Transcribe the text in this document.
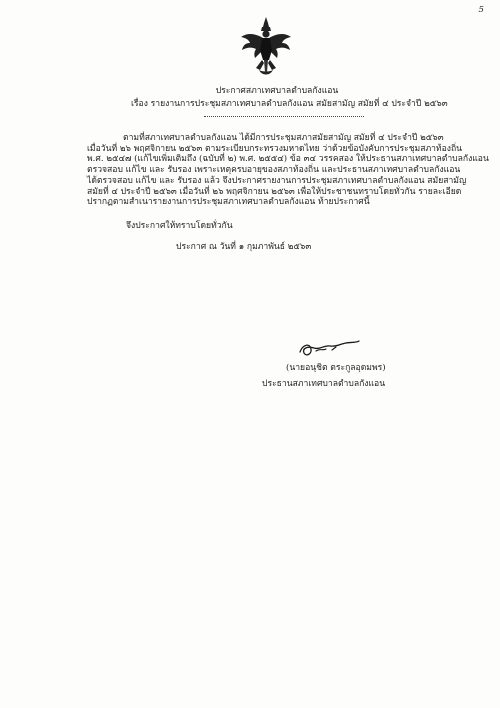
5
ประกาศสภาเทศบาลตำบลกังแอน
เรื่อง รายงานการประชุมสภาเทศบาลตำบลกังแอน สมัยสามัญ สมัยที่ ๔ ประจำปี ๒๕๖๓
ตามที่สภาเทศบาลตำบลกังแอน ได้มีการประชุมสภาสมัยสามัญ สมัยที่ ๔ ประจำปี ๒๕๖๓
เมื่อวันที่ ๒๖ พฤศจิกายน ๒๕๖๓ ตามระเบียบกระทรวงมหาดไทย ว่าด้วยข้อบังคับการประชุมสภาท้องถิ่น
พ.ศ. ๒๕๔๗ (แก้ไขเพิ่มเติมถึง (ฉบับที่ ๒) พ.ศ. ๒๕๕๔) ข้อ ๓๔ วรรคสอง ให้ประธานสภาเทศบาลตำบลกังแอน
ตรวจสอบ แก้ไข และ รับรอง เพราะเหตุครบอายุของสภาท้องถิ่น และประธานสภาเทศบาลตำบลกังแอน
ได้ตรวจสอบ แก้ไข และ รับรอง แล้ว จึงประกาศรายงานการประชุมสภาเทศบาลตำบลกังแอน สมัยสามัญ
สมัยที่ ๔ ประจำปี ๒๕๖๓ เมื่อวันที่ ๒๖ พฤศจิกายน ๒๕๖๓ เพื่อให้ประชาชนทราบโดยทั่วกัน รายละเอียด
ปรากฏตามสำเนารายงานการประชุมสภาเทศบาลตำบลกังแอน ท้ายประกาศนี้
จึงประกาศให้ทราบโดยทั่วกัน
ประกาศ ณ วันที่ ๑ กุมภาพันธ์ ๒๕๖๓
(นายอนุชิต ตระกูลอุดมพร)
ประธานสภาเทศบาลตำบลกังแอน
